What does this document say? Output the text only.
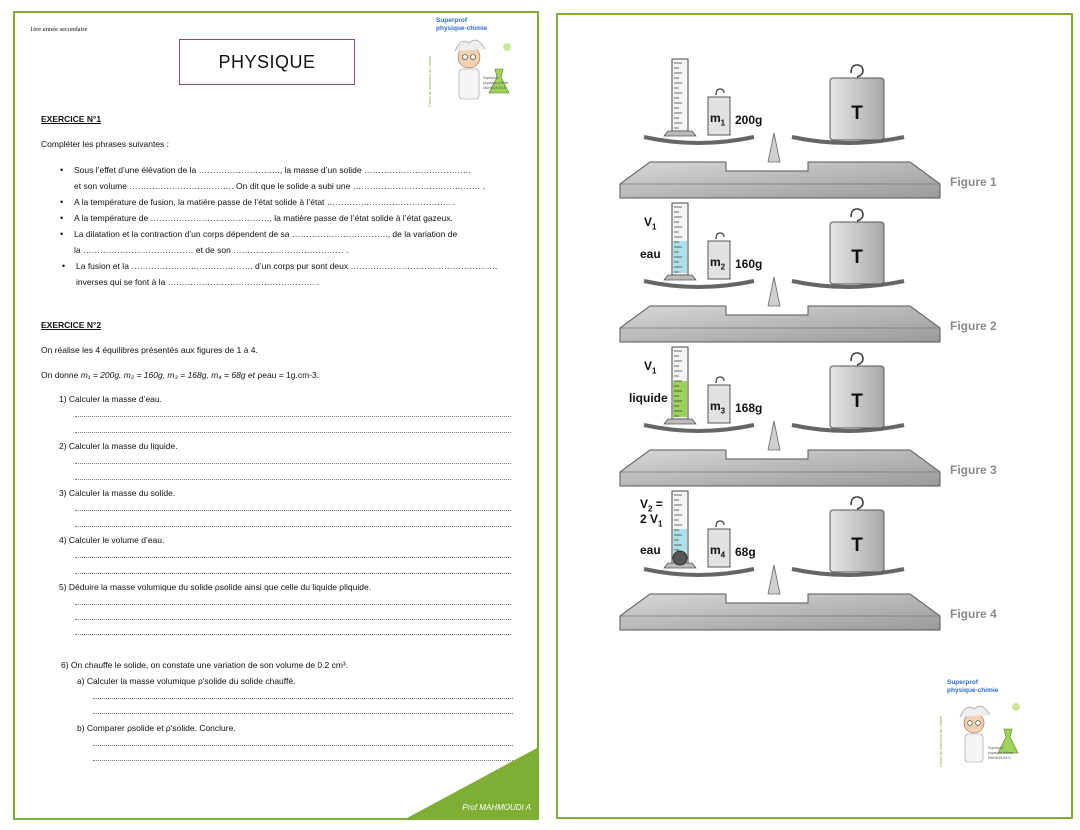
1ère année secondaire
PHYSIQUE
Superprof
physique-chimie
Cours de sciences de chimie	Superprof
physique-chimie
MAHMOUDI A
EXERCICE N°1
Compléter les phrases suivantes :
• Sous l’effet d’une élévation de la ……………………….., la masse d’un solide ………………………………..
et son volume ………………………………. On dit que le solide a subi une ……………………………………… .
• A la température de fusion, la matière passe de l’état solide à l’état …………………………………….. .
• A la température de ……………………………………, la matière passe de l’état solide à l’état gazeux.
• La dilatation et la contraction d’un corps dépendent de sa ……………………………., de la variation de
la ………………………………… et de son ………………………………… .
• La fusion et la ……………………………………. d’un corps pur sont deux …………………………………………….
inverses qui se font à la ……………………………………………. .
EXERCICE N°2
On réalise les 4 équilibres présentés aux figures de 1 à 4.
On donne m₁ = 200g, m₂ = 160g, m₃ = 168g, m₄ = 68g et ρeau = 1g.cm-3.
1) Calculer la masse d’eau.
2) Calculer la masse du liquide.
3) Calculer la masse du solide.
4) Calculer le volume d’eau.
5) Déduire la masse volumique du solide ρsolide ainsi que celle du liquide ρliquide.
6) On chauffe le solide, on constate une variation de son volume de 0.2 cm³.
a) Calculer la masse volumique ρ'solide du solide chauffé.
b) Comparer ρsolide et ρ'solide. Conclure.
Prof MAHMOUDI A
T
T
T
T
Superprof
physique-chimie
Cours de sciences de chimie	Superprof
physique-chimie
MAHMOUDI A
$m_1$ 200g
Figure 1
$m_2$ 160g
$V_1$
eau
Figure 2
$m_3$ 168g
$V_1$
liquide
Figure 3
$m_4$ 68g
$V_2$ =
2 $V_1$
eau
Figure 4
